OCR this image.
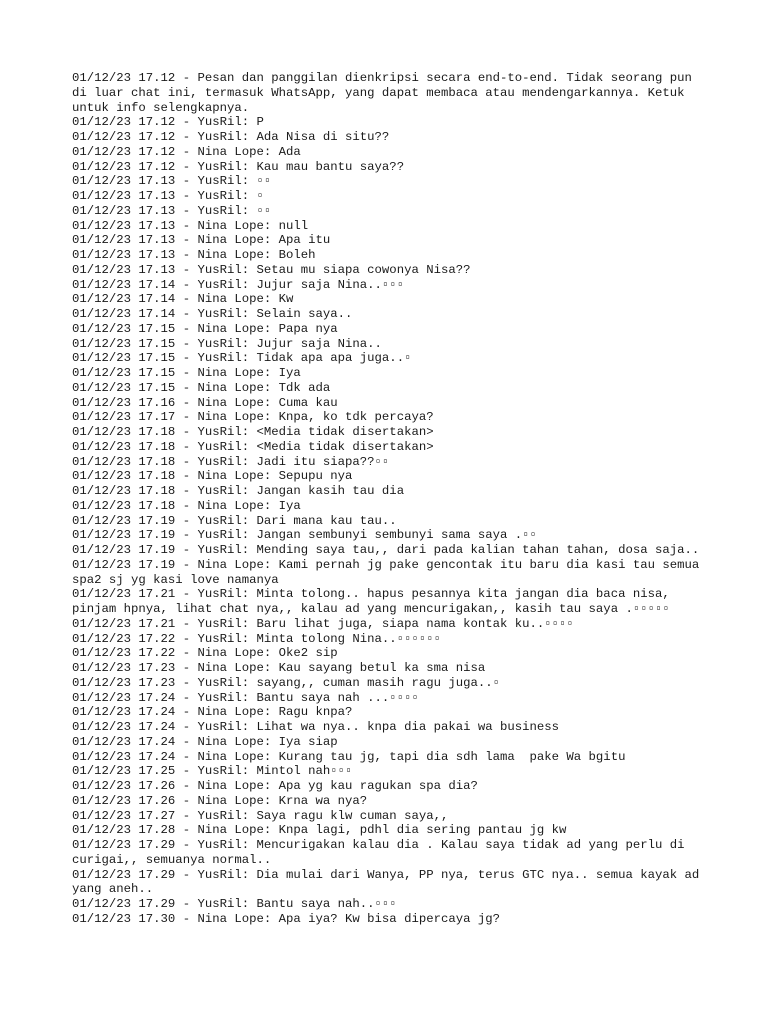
01/12/23 17.12 - Pesan dan panggilan dienkripsi secara end-to-end. Tidak seorang pun di luar chat ini, termasuk WhatsApp, yang dapat membaca atau mendengarkannya. Ketuk untuk info selengkapnya.
01/12/23 17.12 - YusRil: P
01/12/23 17.12 - YusRil: Ada Nisa di situ??
01/12/23 17.12 - Nina Lope: Ada
01/12/23 17.12 - YusRil: Kau mau bantu saya??
01/12/23 17.13 - YusRil: ▫▫
01/12/23 17.13 - YusRil: ▫
01/12/23 17.13 - YusRil: ▫▫
01/12/23 17.13 - Nina Lope: null
01/12/23 17.13 - Nina Lope: Apa itu
01/12/23 17.13 - Nina Lope: Boleh
01/12/23 17.13 - YusRil: Setau mu siapa cowonya Nisa??
01/12/23 17.14 - YusRil: Jujur saja Nina..▫▫▫
01/12/23 17.14 - Nina Lope: Kw
01/12/23 17.14 - YusRil: Selain saya..
01/12/23 17.15 - Nina Lope: Papa nya
01/12/23 17.15 - YusRil: Jujur saja Nina..
01/12/23 17.15 - YusRil: Tidak apa apa juga..▫
01/12/23 17.15 - Nina Lope: Iya
01/12/23 17.15 - Nina Lope: Tdk ada
01/12/23 17.16 - Nina Lope: Cuma kau
01/12/23 17.17 - Nina Lope: Knpa, ko tdk percaya?
01/12/23 17.18 - YusRil: <Media tidak disertakan>
01/12/23 17.18 - YusRil: <Media tidak disertakan>
01/12/23 17.18 - YusRil: Jadi itu siapa??▫▫
01/12/23 17.18 - Nina Lope: Sepupu nya
01/12/23 17.18 - YusRil: Jangan kasih tau dia
01/12/23 17.18 - Nina Lope: Iya
01/12/23 17.19 - YusRil: Dari mana kau tau..
01/12/23 17.19 - YusRil: Jangan sembunyi sembunyi sama saya .▫▫
01/12/23 17.19 - YusRil: Mending saya tau,, dari pada kalian tahan tahan, dosa saja..
01/12/23 17.19 - Nina Lope: Kami pernah jg pake gencontak itu baru dia kasi tau semua spa2 sj yg kasi love namanya
01/12/23 17.21 - YusRil: Minta tolong.. hapus pesannya kita jangan dia baca nisa, pinjam hpnya, lihat chat nya,, kalau ad yang mencurigakan,, kasih tau saya .▫▫▫▫▫
01/12/23 17.21 - YusRil: Baru lihat juga, siapa nama kontak ku..▫▫▫▫
01/12/23 17.22 - YusRil: Minta tolong Nina..▫▫▫▫▫▫
01/12/23 17.22 - Nina Lope: Oke2 sip
01/12/23 17.23 - Nina Lope: Kau sayang betul ka sma nisa
01/12/23 17.23 - YusRil: sayang,, cuman masih ragu juga..▫
01/12/23 17.24 - YusRil: Bantu saya nah ...▫▫▫▫
01/12/23 17.24 - Nina Lope: Ragu knpa?
01/12/23 17.24 - YusRil: Lihat wa nya.. knpa dia pakai wa business
01/12/23 17.24 - Nina Lope: Iya siap
01/12/23 17.24 - Nina Lope: Kurang tau jg, tapi dia sdh lama  pake Wa bgitu
01/12/23 17.25 - YusRil: Mintol nah▫▫▫
01/12/23 17.26 - Nina Lope: Apa yg kau ragukan spa dia?
01/12/23 17.26 - Nina Lope: Krna wa nya?
01/12/23 17.27 - YusRil: Saya ragu klw cuman saya,,
01/12/23 17.28 - Nina Lope: Knpa lagi, pdhl dia sering pantau jg kw
01/12/23 17.29 - YusRil: Mencurigakan kalau dia . Kalau saya tidak ad yang perlu di curigai,, semuanya normal..
01/12/23 17.29 - YusRil: Dia mulai dari Wanya, PP nya, terus GTC nya.. semua kayak ad yang aneh..
01/12/23 17.29 - YusRil: Bantu saya nah..▫▫▫
01/12/23 17.30 - Nina Lope: Apa iya? Kw bisa dipercaya jg?
